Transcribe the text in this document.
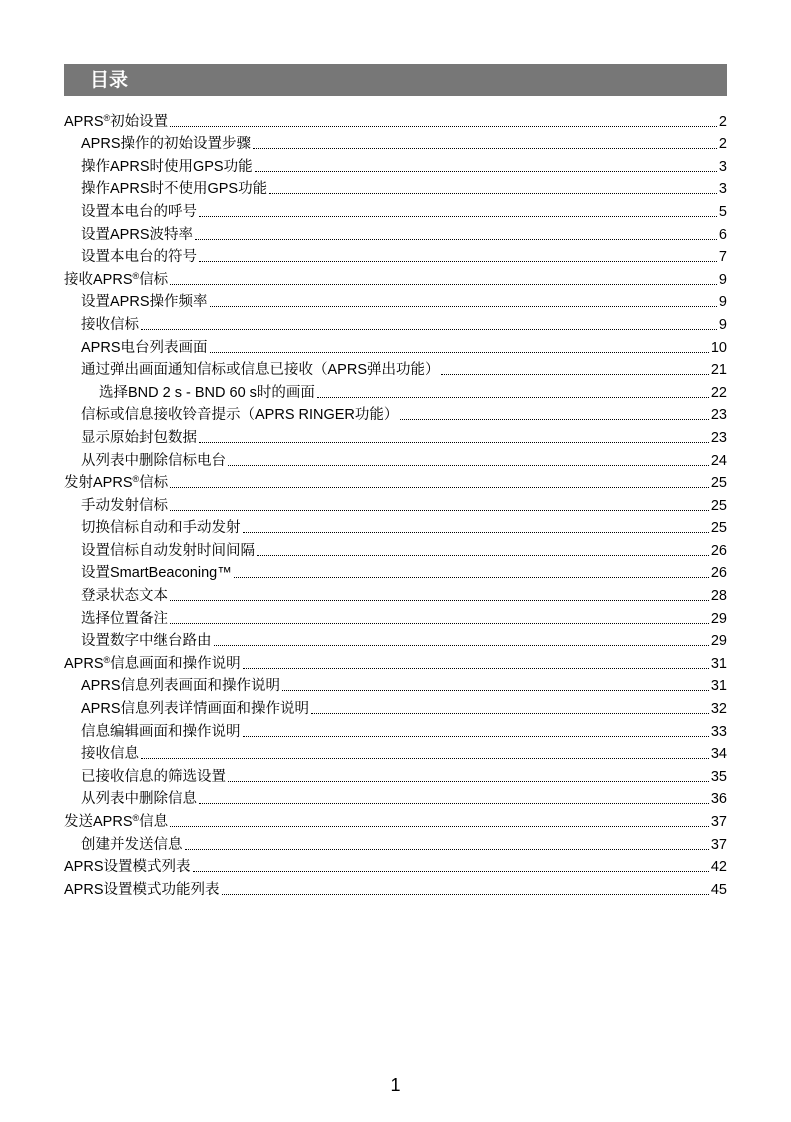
目录
APRS®初始设置	2
APRS操作的初始设置步骤	2
操作APRS时使用GPS功能	3
操作APRS时不使用GPS功能	3
设置本电台的呼号	5
设置APRS波特率	6
设置本电台的符号	7
接收APRS®信标	9
设置APRS操作频率	9
接收信标	9
APRS电台列表画面	10
通过弹出画面通知信标或信息已接收（APRS弹出功能）	21
选择BND 2 s - BND 60 s时的画面	22
信标或信息接收铃音提示（APRS RINGER功能）	23
显示原始封包数据	23
从列表中删除信标电台	24
发射APRS®信标	25
手动发射信标	25
切换信标自动和手动发射	25
设置信标自动发射时间间隔	26
设置SmartBeaconing™	26
登录状态文本	28
选择位置备注	29
设置数字中继台路由	29
APRS®信息画面和操作说明	31
APRS信息列表画面和操作说明	31
APRS信息列表详情画面和操作说明	32
信息编辑画面和操作说明	33
接收信息	34
已接收信息的筛选设置	35
从列表中删除信息	36
发送APRS®信息	37
创建并发送信息	37
APRS设置模式列表	42
APRS设置模式功能列表	45
1
